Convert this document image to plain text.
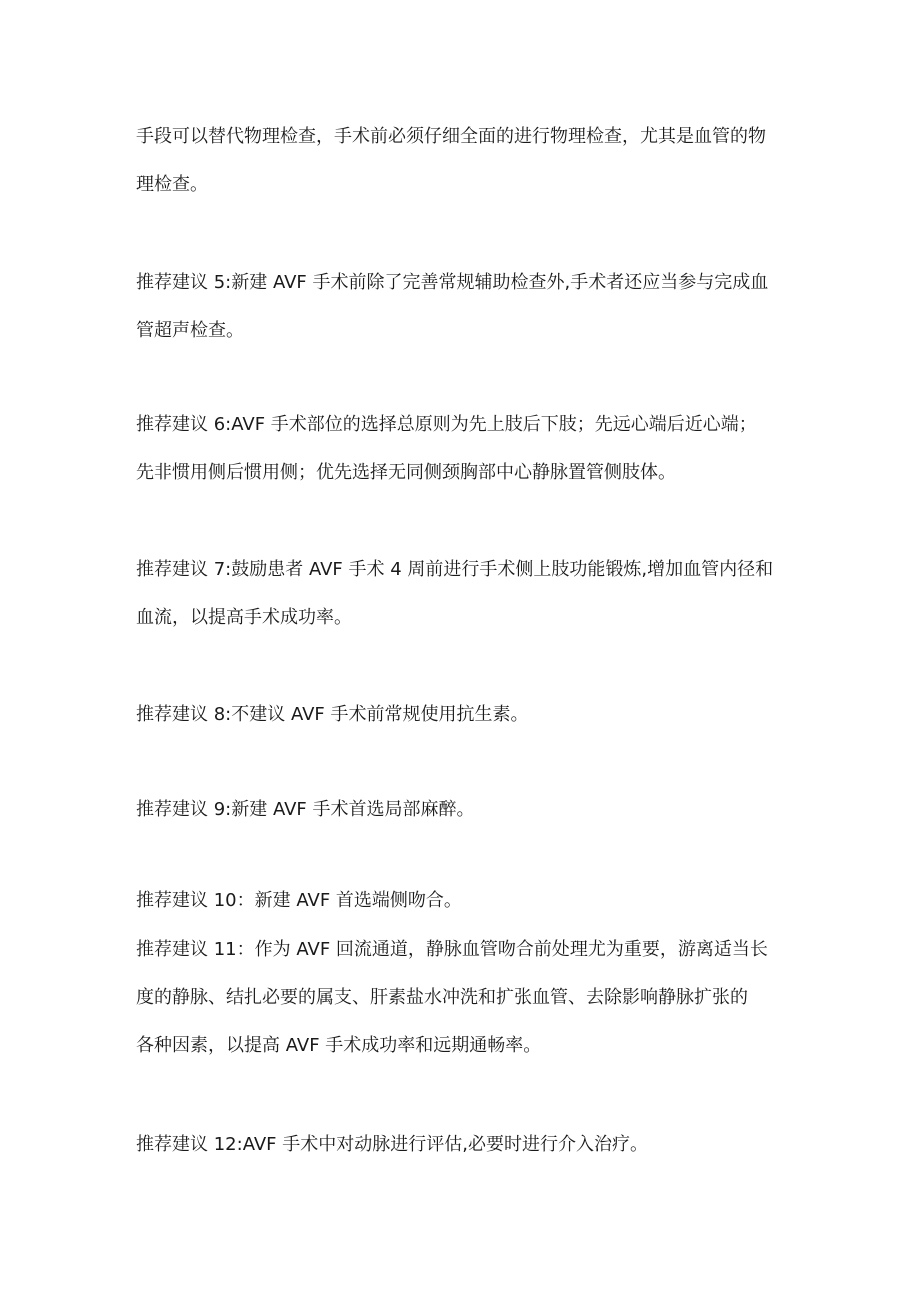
手段可以替代物理检查，手术前必须仔细全面的进行物理检查，尤其是血管的物
理检查。

推荐建议 5:新建 AVF 手术前除了完善常规辅助检查外,手术者还应当参与完成血
管超声检查。

推荐建议 6:AVF 手术部位的选择总原则为先上肢后下肢；先远心端后近心端；
先非惯用侧后惯用侧；优先选择无同侧颈胸部中心静脉置管侧肢体。

推荐建议 7:鼓励患者 AVF 手术 4 周前进行手术侧上肢功能锻炼,增加血管内径和
血流，以提高手术成功率。

推荐建议 8:不建议 AVF 手术前常规使用抗生素。

推荐建议 9:新建 AVF 手术首选局部麻醉。

推荐建议 10：新建 AVF 首选端侧吻合。

推荐建议 11：作为 AVF 回流通道，静脉血管吻合前处理尤为重要，游离适当长
度的静脉、结扎必要的属支、肝素盐水冲洗和扩张血管、去除影响静脉扩张的
各种因素，以提高 AVF 手术成功率和远期通畅率。

推荐建议 12:AVF 手术中对动脉进行评估,必要时进行介入治疗。
